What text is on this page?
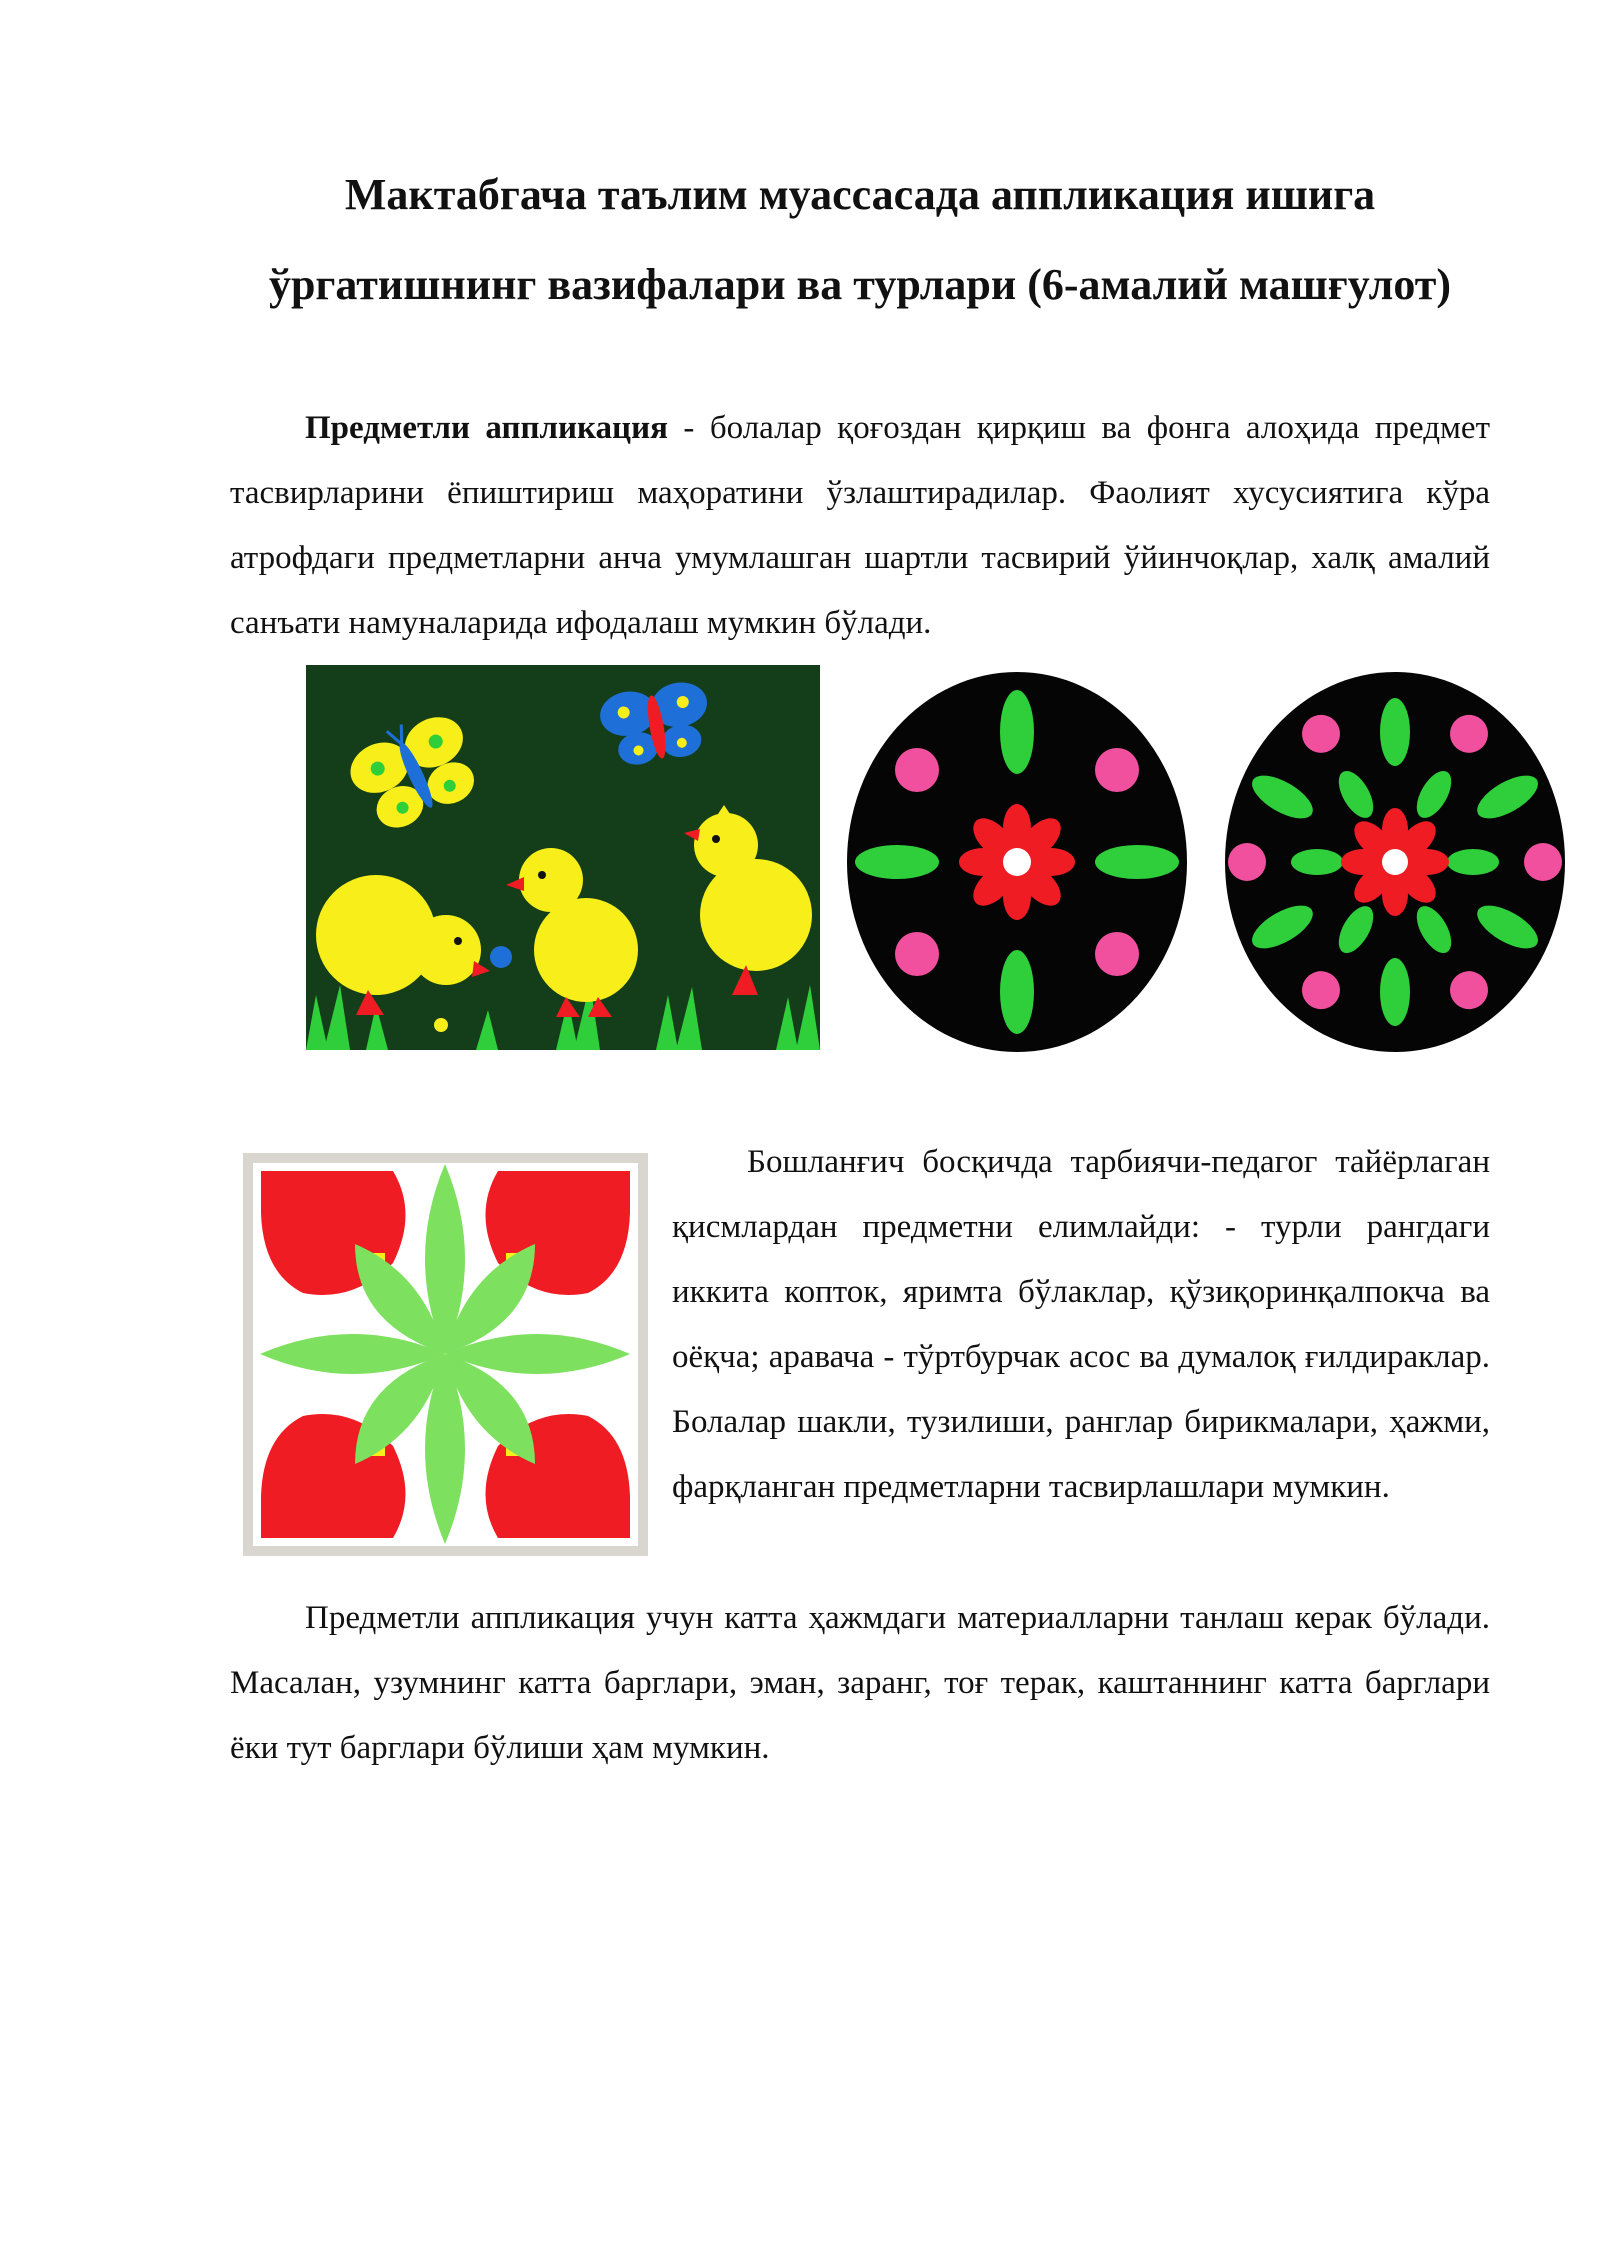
Мактабгача таълим муассасада аппликация ишига ўргатишнинг вазифалари ва турлари (6-амалий машғулот)

Предметли аппликация - болалар қоғоздан қирқиш ва фонга алоҳида предмет тасвирларини ёпиштириш маҳоратини ўзлаштирадилар. Фаолият хусусиятига кўра атрофдаги предметларни анча умумлашган шартли тасвирий ўйинчоқлар, халқ амалий санъати намуналарида ифодалаш мумкин бўлади.

Бошланғич босқичда тарбиячи-педагог тайёрлаган қисмлардан предметни елимлайди: - турли рангдаги иккита копток, яримта бўлаклар, қўзиқоринқалпокча ва оёқча; аравача - тўртбурчак асос ва думалоқ ғилдираклар. Болалар шакли, тузилиши, ранглар бирикмалари, ҳажми, фарқланган предметларни тасвирлашлари мумкин.

Предметли аппликация учун катта ҳажмдаги материалларни танлаш керак бўлади. Масалан, узумнинг катта барглари, эман, заранг, тоғ терак, каштаннинг катта барглари ёки тут барглари бўлиши ҳам мумкин.
